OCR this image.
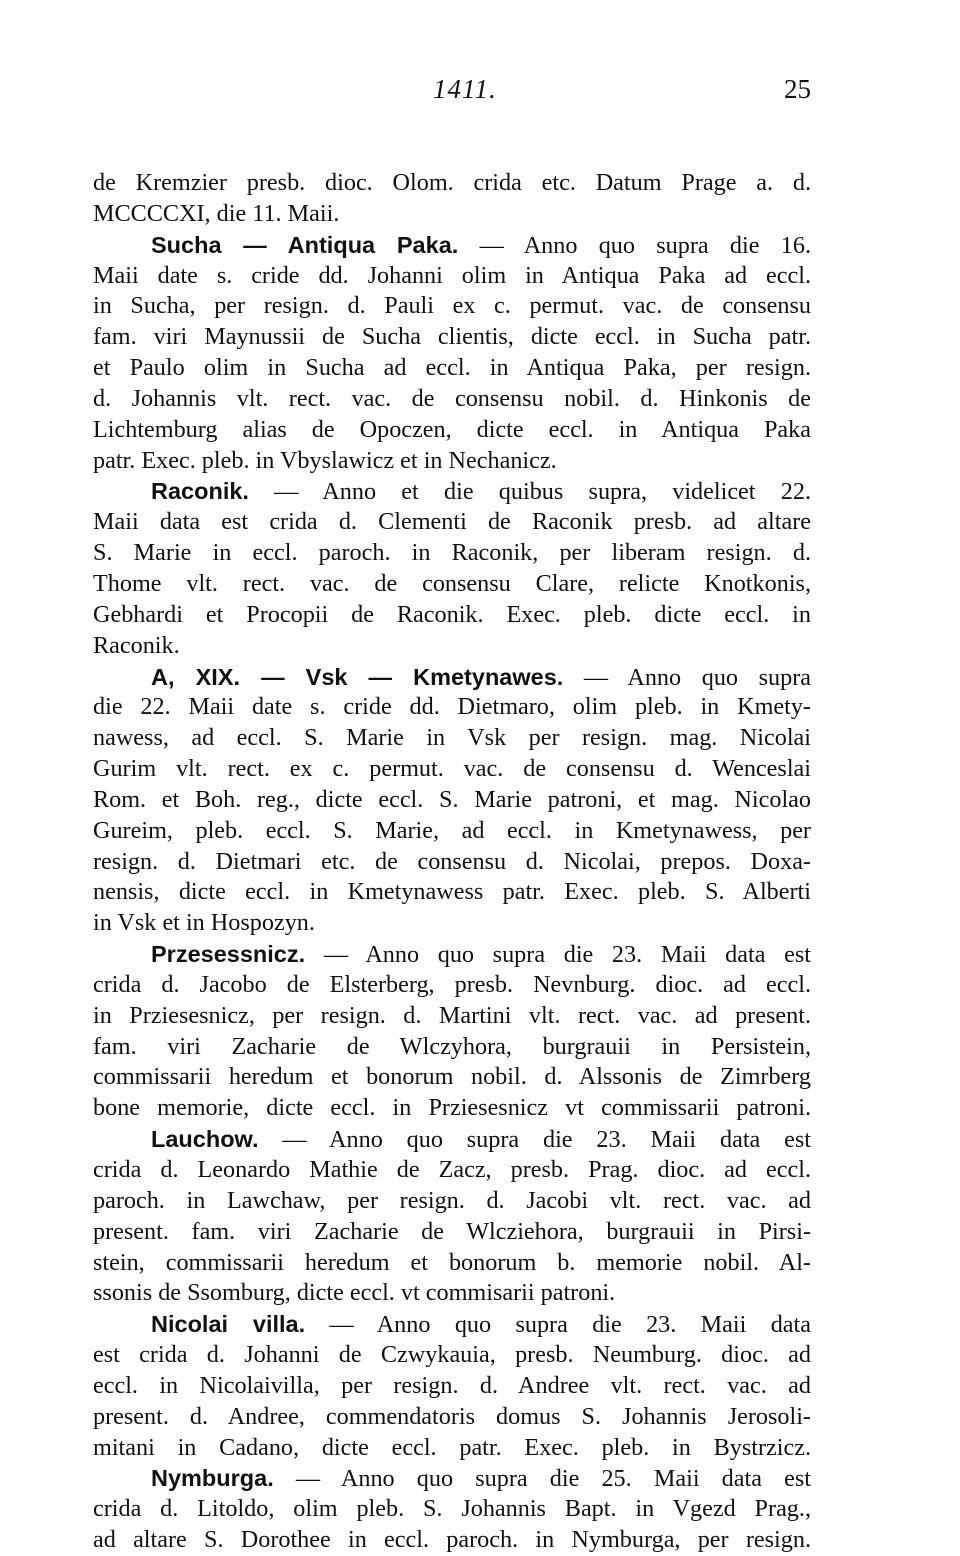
1411.	25
de Kremzier presb. dioc. Olom. crida etc. Datum Prage a. d.
MCCCCXI, die 11. Maii.
Sucha — Antiqua Paka. — Anno quo supra die 16.
Maii date s. cride dd. Johanni olim in Antiqua Paka ad eccl.
in Sucha, per resign. d. Pauli ex c. permut. vac. de consensu
fam. viri Maynussii de Sucha clientis, dicte eccl. in Sucha patr.
et Paulo olim in Sucha ad eccl. in Antiqua Paka, per resign.
d. Johannis vlt. rect. vac. de consensu nobil. d. Hinkonis de
Lichtemburg alias de Opoczen, dicte eccl. in Antiqua Paka
patr. Exec. pleb. in Vbyslawicz et in Nechanicz.
Raconik. — Anno et die quibus supra, videlicet 22.
Maii data est crida d. Clementi de Raconik presb. ad altare
S. Marie in eccl. paroch. in Raconik, per liberam resign. d.
Thome vlt. rect. vac. de consensu Clare, relicte Knotkonis,
Gebhardi et Procopii de Raconik. Exec. pleb. dicte eccl. in
Raconik.
A, XIX. — Vsk — Kmetynawes. — Anno quo supra
die 22. Maii date s. cride dd. Dietmaro, olim pleb. in Kmety-
nawess, ad eccl. S. Marie in Vsk per resign. mag. Nicolai
Gurim vlt. rect. ex c. permut. vac. de consensu d. Wenceslai
Rom. et Boh. reg., dicte eccl. S. Marie patroni, et mag. Nicolao
Gureim, pleb. eccl. S. Marie, ad eccl. in Kmetynawess, per
resign. d. Dietmari etc. de consensu d. Nicolai, prepos. Doxa-
nensis, dicte eccl. in Kmetynawess patr. Exec. pleb. S. Alberti
in Vsk et in Hospozyn.
Przesessnicz. — Anno quo supra die 23. Maii data est
crida d. Jacobo de Elsterberg, presb. Nevnburg. dioc. ad eccl.
in Prziesesnicz, per resign. d. Martini vlt. rect. vac. ad present.
fam. viri Zacharie de Wlczyhora, burgrauii in Persistein,
commissarii heredum et bonorum nobil. d. Alssonis de Zimrberg
bone memorie, dicte eccl. in Prziesesnicz vt commissarii patroni.
Lauchow. — Anno quo supra die 23. Maii data est
crida d. Leonardo Mathie de Zacz, presb. Prag. dioc. ad eccl.
paroch. in Lawchaw, per resign. d. Jacobi vlt. rect. vac. ad
present. fam. viri Zacharie de Wlcziehora, burgrauii in Pirsi-
stein, commissarii heredum et bonorum b. memorie nobil. Al-
ssonis de Ssomburg, dicte eccl. vt commisarii patroni.
Nicolai villa. — Anno quo supra die 23. Maii data
est crida d. Johanni de Czwykauia, presb. Neumburg. dioc. ad
eccl. in Nicolaivilla, per resign. d. Andree vlt. rect. vac. ad
present. d. Andree, commendatoris domus S. Johannis Jerosoli-
mitani in Cadano, dicte eccl. patr. Exec. pleb. in Bystrzicz.
Nymburga. — Anno quo supra die 25. Maii data est
crida d. Litoldo, olim pleb. S. Johannis Bapt. in Vgezd Prag.,
ad altare S. Dorothee in eccl. paroch. in Nymburga, per resign.
